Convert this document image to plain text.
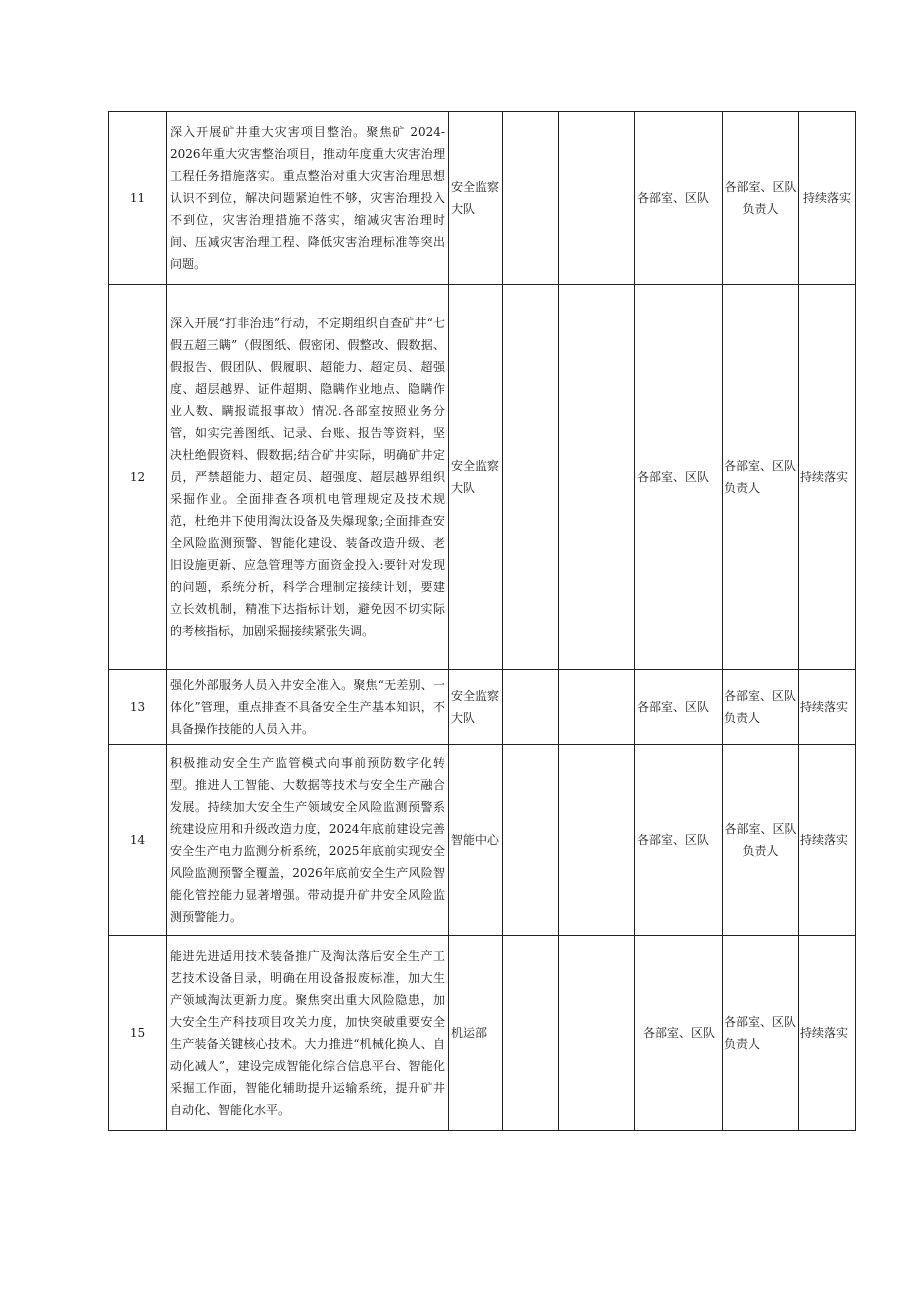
11	深入开展矿井重大灾害项目整治。聚焦矿 2024-2026年重大灾害整治项目，推动年度重大灾害治理工程任务措施落实。重点整治对重大灾害治理思想认识不到位，解决问题紧迫性不够，灾害治理投入不到位，灾害治理措施不落实，缩减灾害治理时间、压减灾害治理工程、降低灾害治理标准等突出问题。	安全监察大队			各部室、区队	各部室、区队负责人	持续落实
12	深入开展“打非治违”行动，不定期组织自查矿井“七假五超三瞒”（假图纸、假密闭、假整改、假数据、假报告、假团队、假履职、超能力、超定员、超强度、超层越界、证件超期、隐瞒作业地点、隐瞒作业人数、瞒报谎报事故）情况.各部室按照业务分管，如实完善图纸、记录、台账、报告等资料，坚决杜绝假资料、假数据;结合矿井实际，明确矿井定员，严禁超能力、超定员、超强度、超层越界组织采掘作业。全面排查各项机电管理规定及技术规范，杜绝井下使用淘汰设备及失爆现象;全面排查安全风险监测预警、智能化建设、装备改造升级、老旧设施更新、应急管理等方面资金投入:要针对发现的问题，系统分析，科学合理制定接续计划，要建立长效机制，精准下达指标计划，避免因不切实际的考核指标，加剧采掘接续紧张失调。	安全监察大队			各部室、区队	各部室、区队负责人	持续落实
13	强化外部服务人员入井安全准入。聚焦“无差别、一体化”管理，重点排查不具备安全生产基本知识，不具备操作技能的人员入井。	安全监察大队			各部室、区队	各部室、区队负责人	持续落实
14	积极推动安全生产监管模式向事前预防数字化转型。推进人工智能、大数据等技术与安全生产融合发展。持续加大安全生产领域安全风险监测预警系统建设应用和升级改造力度，2024年底前建设完善安全生产电力监测分析系统，2025年底前实现安全风险监测预警全覆盖，2026年底前安全生产风险智能化管控能力显著增强。带动提升矿井安全风险监测预警能力。	智能中心			各部室、区队	各部室、区队负责人	持续落实
15	能进先进适用技术装备推广及淘汰落后安全生产工艺技术设备目录，明确在用设备报废标准，加大生产领域淘汰更新力度。聚焦突出重大风险隐患，加大安全生产科技项目攻关力度，加快突破重要安全生产装备关键核心技术。大力推进“机械化换人、自动化减人”，建设完成智能化综合信息平台、智能化采掘工作面，智能化辅助提升运输系统，提升矿井自动化、智能化水平。	机运部			各部室、区队	各部室、区队负责人	持续落实
